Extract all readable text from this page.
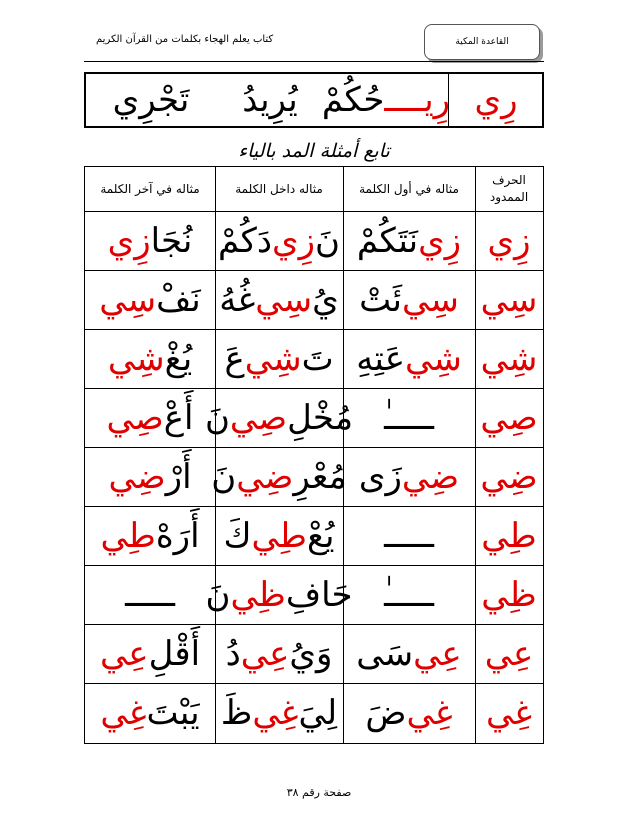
كتاب يعلم الهجاء بكلمات من القرآن الكريم	القاعدة المكية
رِي
رِيــــ
حُكُمْ
يُرِيدُ
تَجْرِي
تابع أمثلة المد بالياء
الحرف الممدود
مثاله في أول الكلمة
مثاله داخل الكلمة
مثاله في آخر الكلمة
زِي
زِي
نَتَكُمْ
نَ
زِي
دَكُمْ
نُجَا
زِي
سِي
سِي
ئَتْ
يُ
سِي
غُهُ
نَفْ
سِي
شِي
شِي
عَتِهِ
تَ
شِي
عَ
يُغْ
شِي
صِي
ـــــٰ
مُخْلِ
صِي
نَ
أَعْ
صِي
ضِي
ضِي
زَى
مُعْرِ
ضِي
نَ
أَرْ
ضِي
طِي
ـــــ
يُعْ
طِي
كَ
أَرَهْ
طِي
ظِي
ـــــٰ
حَافِ
ظِي
نَ
ـــــ
عِي
عِي
سَى
وَيُ
عِي
دُ
أَقْلِ
عِي
غِي
غِي
ضَ
لِيَ
غِي
ظَ
يَبْتَ
غِي
صفحة رقم ٣٨
